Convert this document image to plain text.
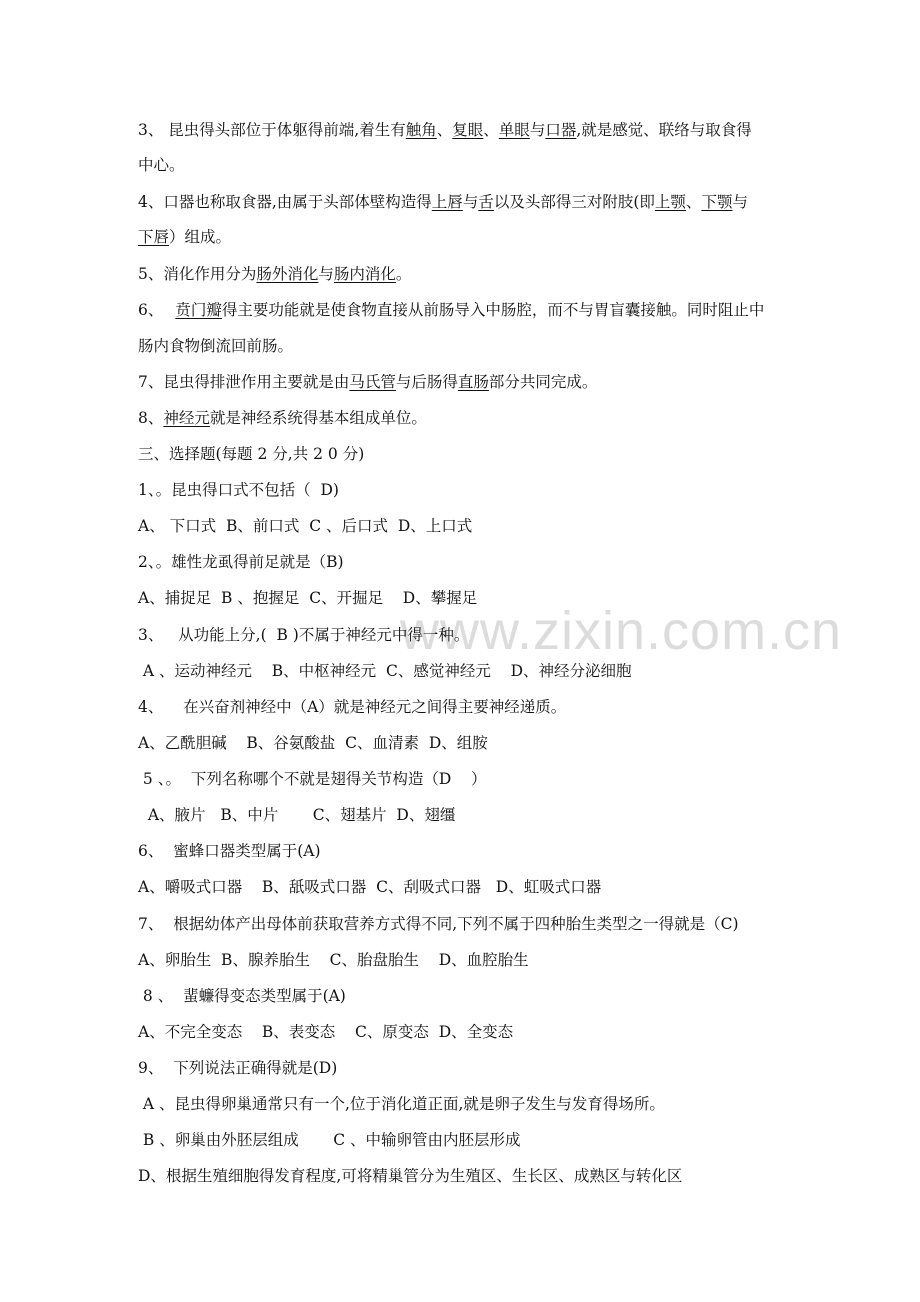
www.zixin.com.cn
3、 昆虫得头部位于体躯得前端,着生有触角、复眼、单眼与口器,就是感觉、联络与取食得
中心。
4、口器也称取食器,由属于头部体壁构造得上唇与舌以及头部得三对附肢(即上颚、下颚与
下唇）组成。
5、消化作用分为肠外消化与肠内消化。
6、 贲门瓣得主要功能就是使食物直接从前肠导入中肠腔，而不与胃盲囊接触。同时阻止中
肠内食物倒流回前肠。
7、昆虫得排泄作用主要就是由马氏管与后肠得直肠部分共同完成。
8、神经元就是神经系统得基本组成单位。
三、选择题(每题 2 分,共 2 0 分)
1、。昆虫得口式不包括（  D)
A、 下口式  B、前口式  C 、后口式  D、上口式
2、。雄性龙虱得前足就是（B)
A、捕捉足  B 、抱握足  C、开掘足    D、攀握足
3、   从功能上分,(  B )不属于神经元中得一种。
A 、运动神经元    B、中枢神经元  C、感觉神经元    D、神经分泌细胞
4、    在兴奋剂神经中（A）就是神经元之间得主要神经递质。
A、乙酰胆碱    B、谷氨酸盐  C、血清素  D、组胺
5 、。  下列名称哪个不就是翅得关节构造（D    ）
A、腋片   B、中片       C、翅基片  D、翅缰
6、  蜜蜂口器类型属于(A)
A、嚼吸式口器    B、舐吸式口器  C、刮吸式口器   D、虹吸式口器
7、  根据幼体产出母体前获取营养方式得不同,下列不属于四种胎生类型之一得就是（C)
A、卵胎生  B、腺养胎生    C、胎盘胎生    D、血腔胎生
8 、  蜚蠊得变态类型属于(A)
A、不完全变态    B、表变态    C、原变态  D、全变态
9、  下列说法正确得就是(D)
A 、昆虫得卵巢通常只有一个,位于消化道正面,就是卵子发生与发育得场所。
B 、卵巢由外胚层组成       C 、中输卵管由内胚层形成
D、根据生殖细胞得发育程度,可将精巢管分为生殖区、生长区、成熟区与转化区
